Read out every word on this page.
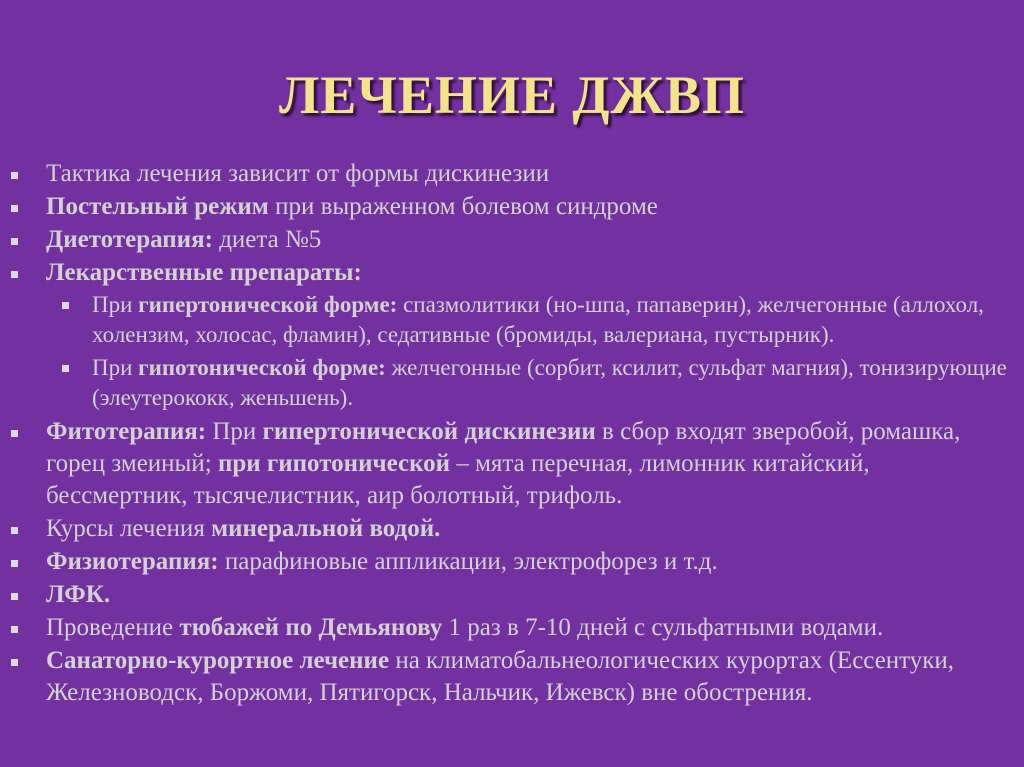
ЛЕЧЕНИЕ ДЖВП
Тактика лечения зависит от формы дискинезии
Постельный режим при выраженном болевом синдроме
Диетотерапия: диета №5
Лекарственные препараты:
При гипертонической форме: спазмолитики (но-шпа, папаверин), желчегонные (аллохол, холензим, холосас, фламин), седативные (бромиды, валериана, пустырник).
При гипотонической форме: желчегонные (сорбит, ксилит, сульфат магния), тонизирующие (элеутерококк, женьшень).
Фитотерапия: При гипертонической дискинезии в сбор входят зверобой, ромашка, горец змеиный; при гипотонической – мята перечная, лимонник китайский, бессмертник, тысячелистник, аир болотный, трифоль.
Курсы лечения минеральной водой.
Физиотерапия: парафиновые аппликации, электрофорез и т.д.
ЛФК.
Проведение тюбажей по Демьянову 1 раз в 7-10 дней с сульфатными водами.
Санаторно-курортное лечение на климатобальнеологических курортах (Ессентуки, Железноводск, Боржоми, Пятигорск, Нальчик, Ижевск) вне обострения.
